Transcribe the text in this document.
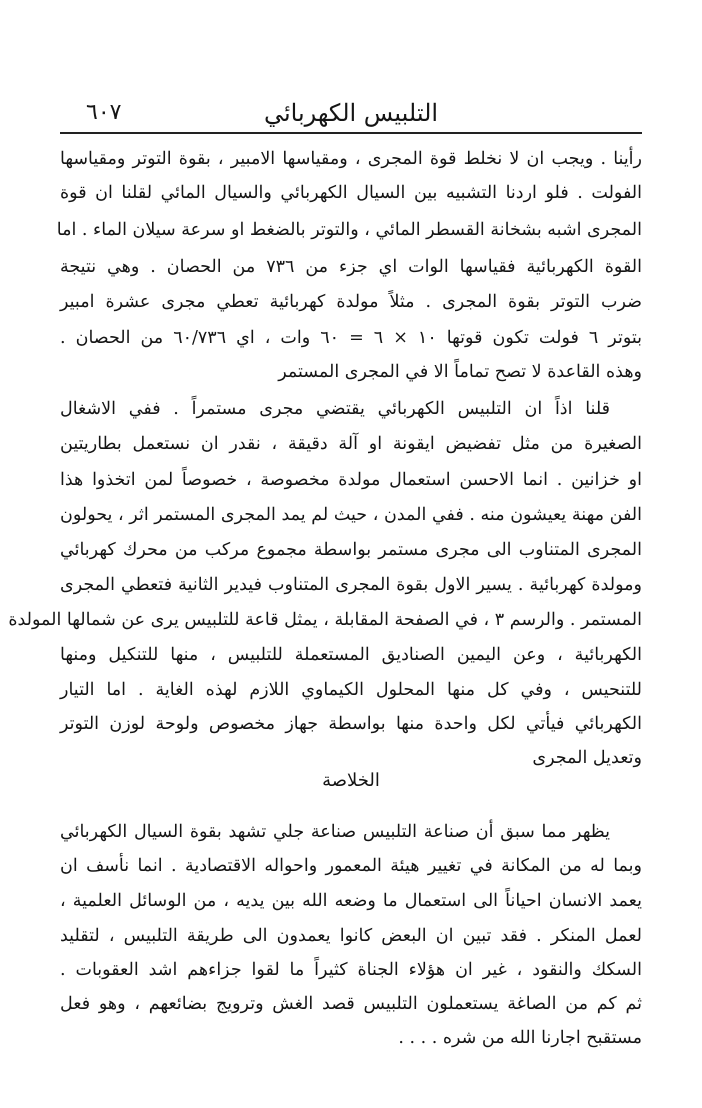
٦٠٧	التلبيس الكهربائي
رأينا . ويجب ان لا نخلط قوة المجرى ، ومقياسها الامبير ، بقوة التوتر ومقياسها
الفولت . فلو اردنا التشبيه بين السيال الكهربائي والسيال المائي لقلنا ان قوة
المجرى اشبه بشخانة القسطر المائي ، والتوتر بالضغط او سرعة سيلان الماء . اما
القوة الكهربائية فقياسها الوات اي جزء من ٧٣٦ من الحصان . وهي نتيجة
ضرب التوتر بقوة المجرى . مثلاً مولدة كهربائية تعطي مجرى عشرة امبير
بتوتر ٦ فولت تكون قوتها ١٠ × ٦ = ٦٠ وات ، اي ٦٠/٧٣٦ من الحصان .
وهذه القاعدة لا تصح تماماً الا في المجرى المستمر
قلنا اذاً ان التلبيس الكهربائي يقتضي مجرى مستمراً . ففي الاشغال
الصغيرة من مثل تفضيض ايقونة او آلة دقيقة ، نقدر ان نستعمل بطاريتين
او خزانين . انما الاحسن استعمال مولدة مخصوصة ، خصوصاً لمن اتخذوا هذا
الفن مهنة يعيشون منه . ففي المدن ، حيث لم يمد المجرى المستمر اثر ، يحولون
المجرى المتناوب الى مجرى مستمر بواسطة مجموع مركب من محرك كهربائي
ومولدة كهربائية . يسير الاول بقوة المجرى المتناوب فيدير الثانية فتعطي المجرى
المستمر . والرسم ٣ ، في الصفحة المقابلة ، يمثل قاعة للتلبيس يرى عن شمالها المولدة
الكهربائية ، وعن اليمين الصناديق المستعملة للتلبيس ، منها للتنكيل ومنها
للتنحيس ، وفي كل منها المحلول الكيماوي اللازم لهذه الغاية . اما التيار
الكهربائي فيأتي لكل واحدة منها بواسطة جهاز مخصوص ولوحة لوزن التوتر
وتعديل المجرى
الخلاصة
يظهر مما سبق أن صناعة التلبيس صناعة جلي تشهد بقوة السيال الكهربائي
وبما له من المكانة في تغيير هيئة المعمور واحواله الاقتصادية . انما نأسف ان
يعمد الانسان احياناً الى استعمال ما وضعه الله بين يديه ، من الوسائل العلمية ،
لعمل المنكر . فقد تبين ان البعض كانوا يعمدون الى طريقة التلبيس ، لتقليد
السكك والنقود ، غير ان هؤلاء الجناة كثيراً ما لقوا جزاءهم اشد العقوبات .
ثم كم من الصاغة يستعملون التلبيس قصد الغش وترويج بضائعهم ، وهو فعل
مستقبح اجارنا الله من شره . . . .
